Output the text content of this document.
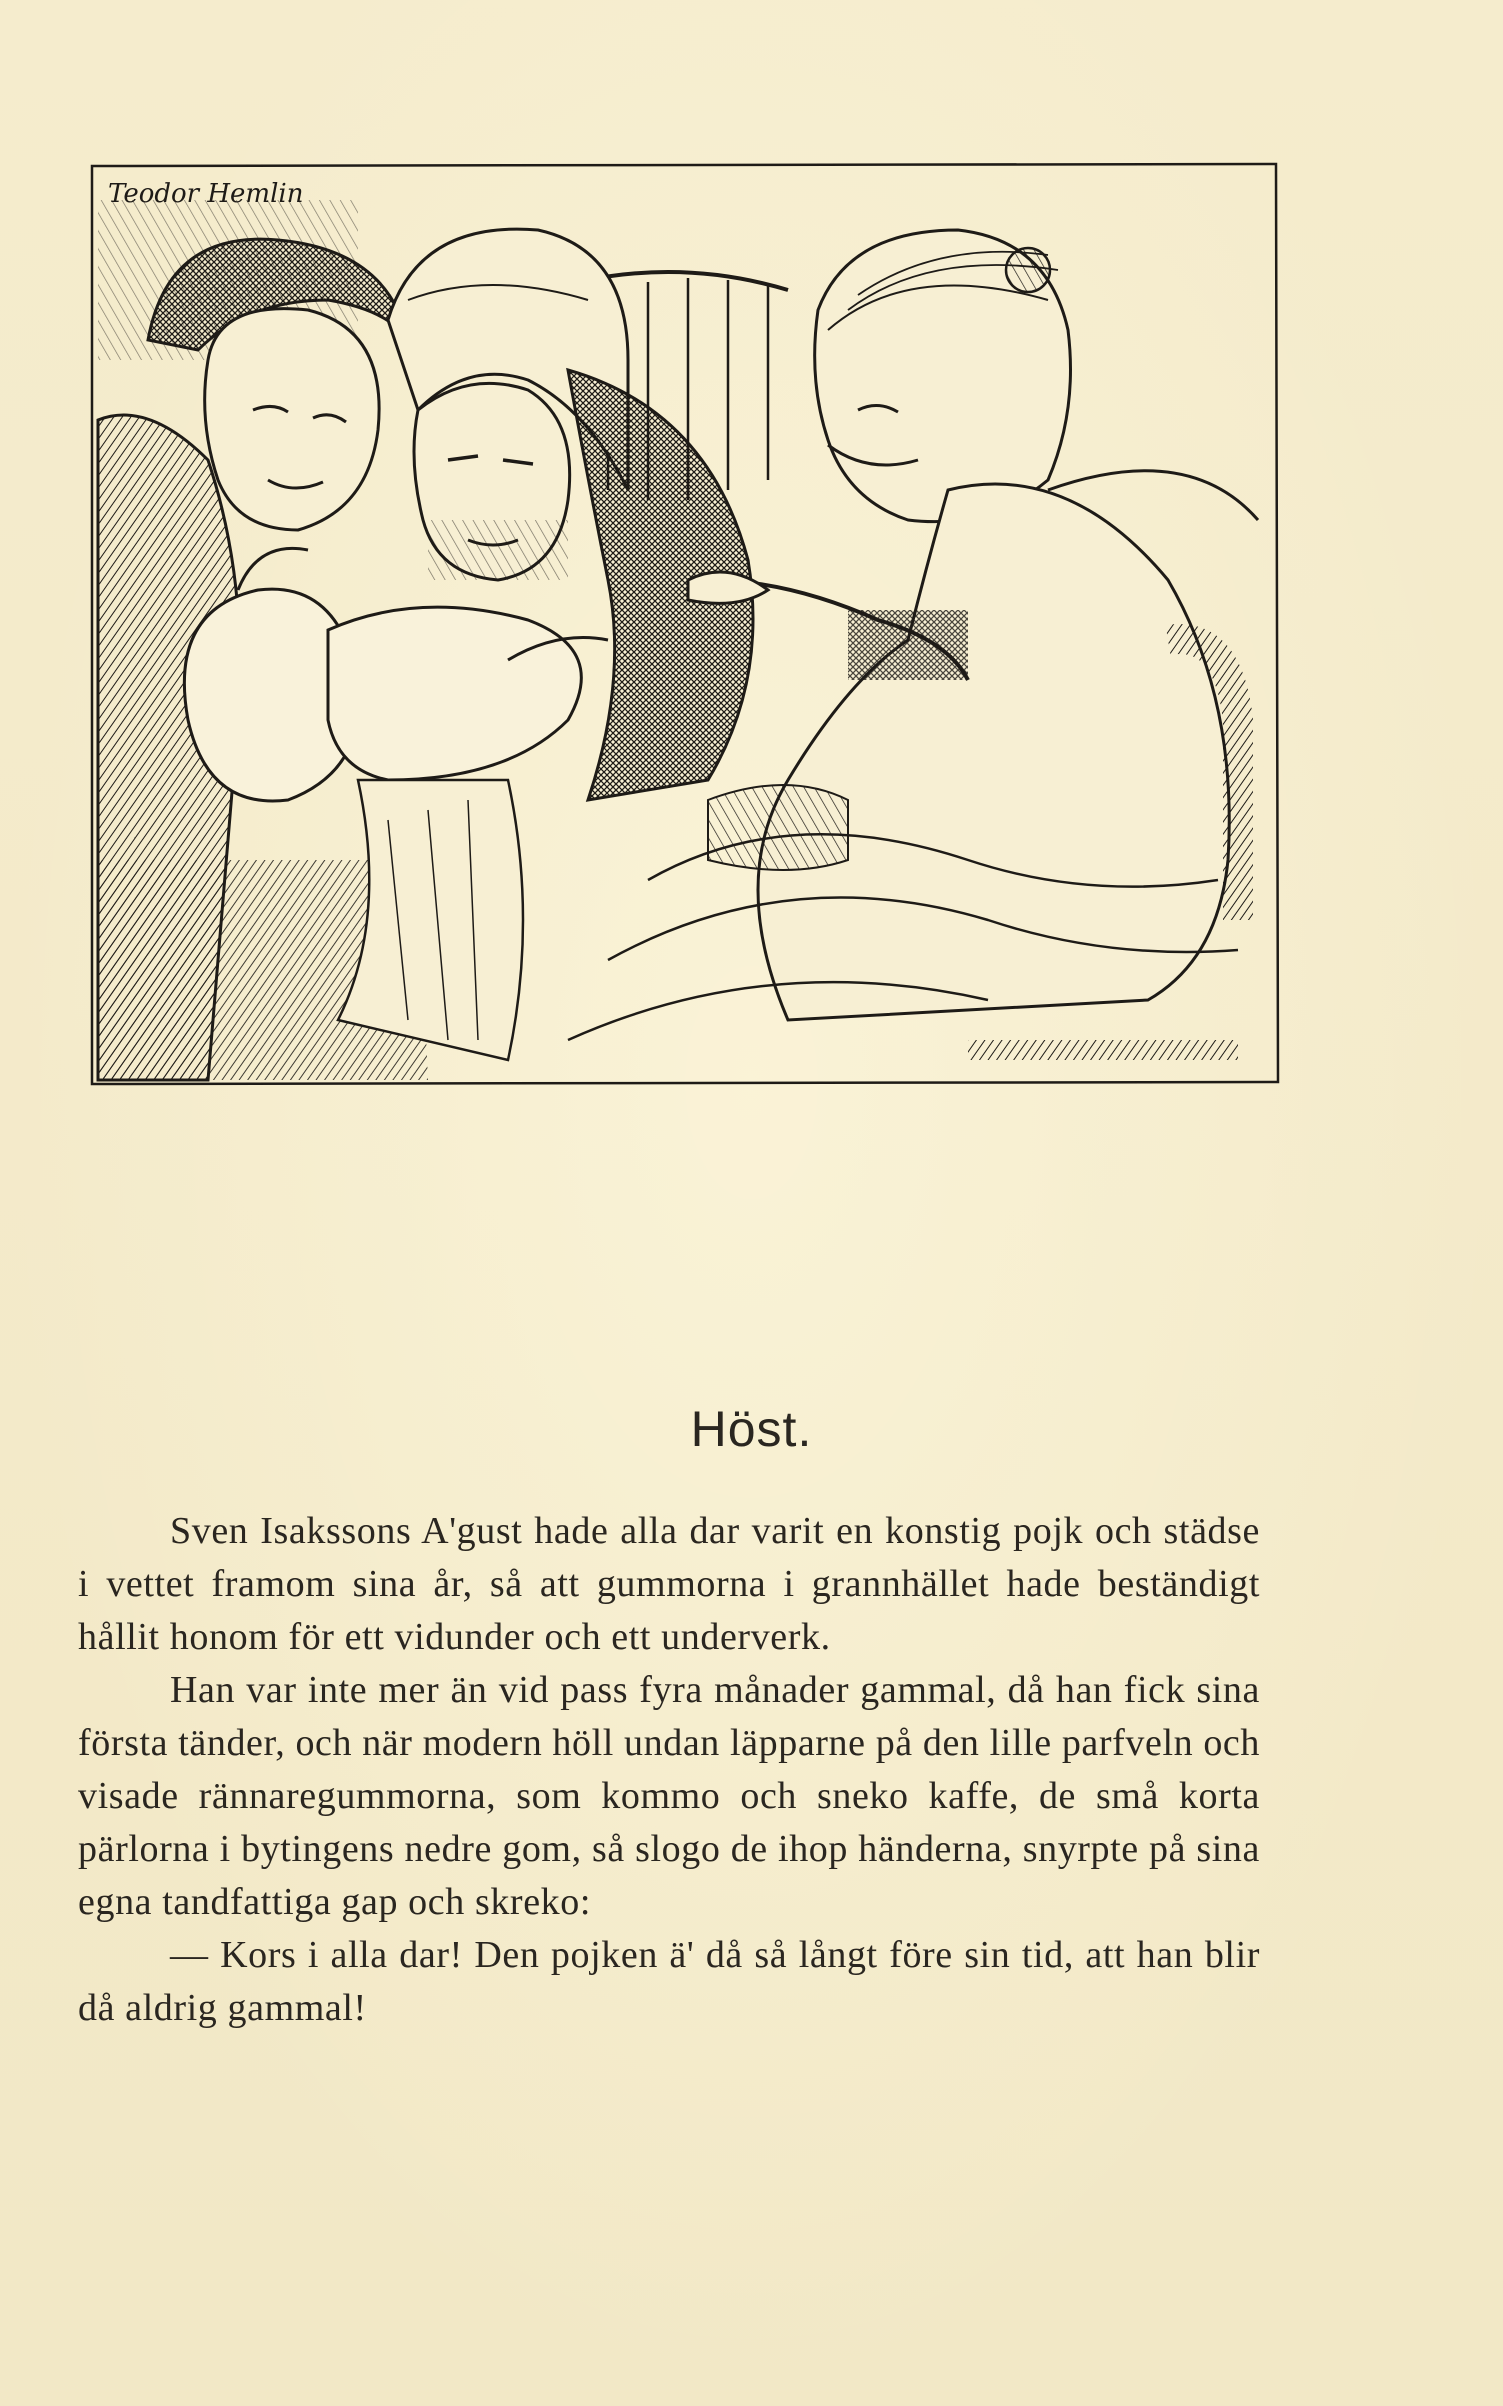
Teodor Hemlin
Höst.

Sven Isakssons A'gust hade alla dar varit en konstig pojk och städse i vettet framom sina år, så att gummorna i grannhället hade beständigt hållit honom för ett vidunder och ett underverk.

Han var inte mer än vid pass fyra månader gammal, då han fick sina första tänder, och när modern höll undan läpparne på den lille parfveln och visade rännaregummorna, som kommo och sneko kaffe, de små korta pärlorna i bytingens nedre gom, så slogo de ihop händerna, snyrpte på sina egna tandfattiga gap och skreko:

— Kors i alla dar! Den pojken ä' då så långt före sin tid, att han blir då aldrig gammal!
